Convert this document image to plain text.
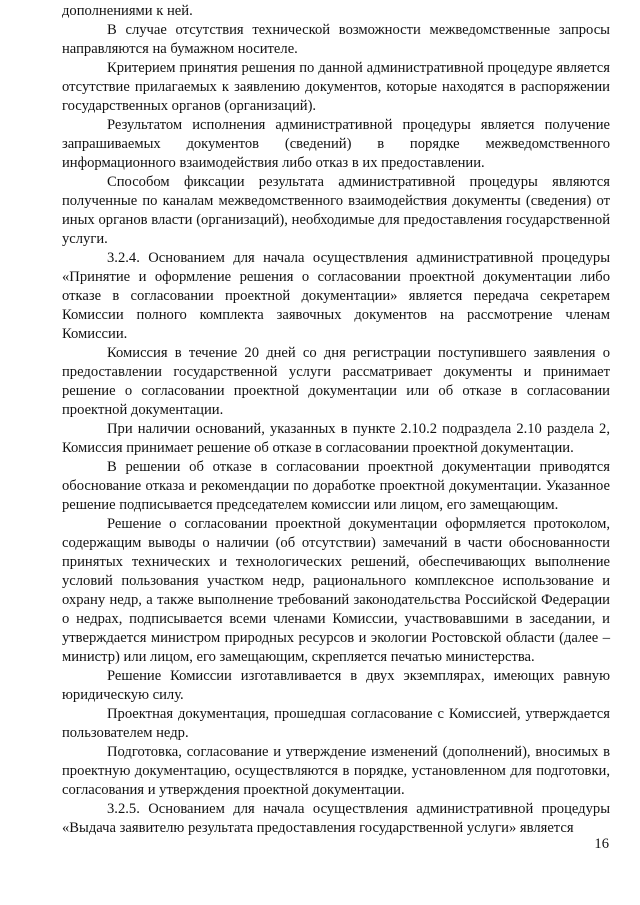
дополнениями к ней.

В случае отсутствия технической возможности межведомственные запросы направляются на бумажном носителе.

Критерием принятия решения по данной административной процедуре является отсутствие прилагаемых к заявлению документов, которые находятся в распоряжении государственных органов (организаций).

Результатом исполнения административной процедуры является получение запрашиваемых документов (сведений) в порядке межведомственного информационного взаимодействия либо отказ в их предоставлении.

Способом фиксации результата административной процедуры являются полученные по каналам межведомственного взаимодействия документы (сведения) от иных органов власти (организаций), необходимые для предоставления государственной услуги.

3.2.4. Основанием для начала осуществления административной процедуры «Принятие и оформление решения о согласовании проектной документации либо отказе в согласовании проектной документации» является передача секретарем Комиссии полного комплекта заявочных документов на рассмотрение членам Комиссии.

Комиссия в течение 20 дней со дня регистрации поступившего заявления о предоставлении государственной услуги рассматривает документы и принимает решение о согласовании проектной документации или об отказе в согласовании проектной документации.

При наличии оснований, указанных в пункте 2.10.2 подраздела 2.10 раздела 2, Комиссия принимает решение об отказе в согласовании проектной документации.

В решении об отказе в согласовании проектной документации приводятся обоснование отказа и рекомендации по доработке проектной документации. Указанное решение подписывается председателем комиссии или лицом, его замещающим.

Решение о согласовании проектной документации оформляется протоколом, содержащим выводы о наличии (об отсутствии) замечаний в части обоснованности принятых технических и технологических решений, обеспечивающих выполнение условий пользования участком недр, рационального комплексное использование и охрану недр, а также выполнение требований законодательства Российской Федерации о недрах, подписывается всеми членами Комиссии, участвовавшими в заседании, и утверждается министром природных ресурсов и экологии Ростовской области (далее – министр) или лицом, его замещающим, скрепляется печатью министерства.

Решение Комиссии изготавливается в двух экземплярах, имеющих равную юридическую силу.

Проектная документация, прошедшая согласование с Комиссией, утверждается пользователем недр.

Подготовка, согласование и утверждение изменений (дополнений), вносимых в проектную документацию, осуществляются в порядке, установленном для подготовки, согласования и утверждения проектной документации.

3.2.5. Основанием для начала осуществления административной процедуры «Выдача заявителю результата предоставления государственной услуги» является

16
